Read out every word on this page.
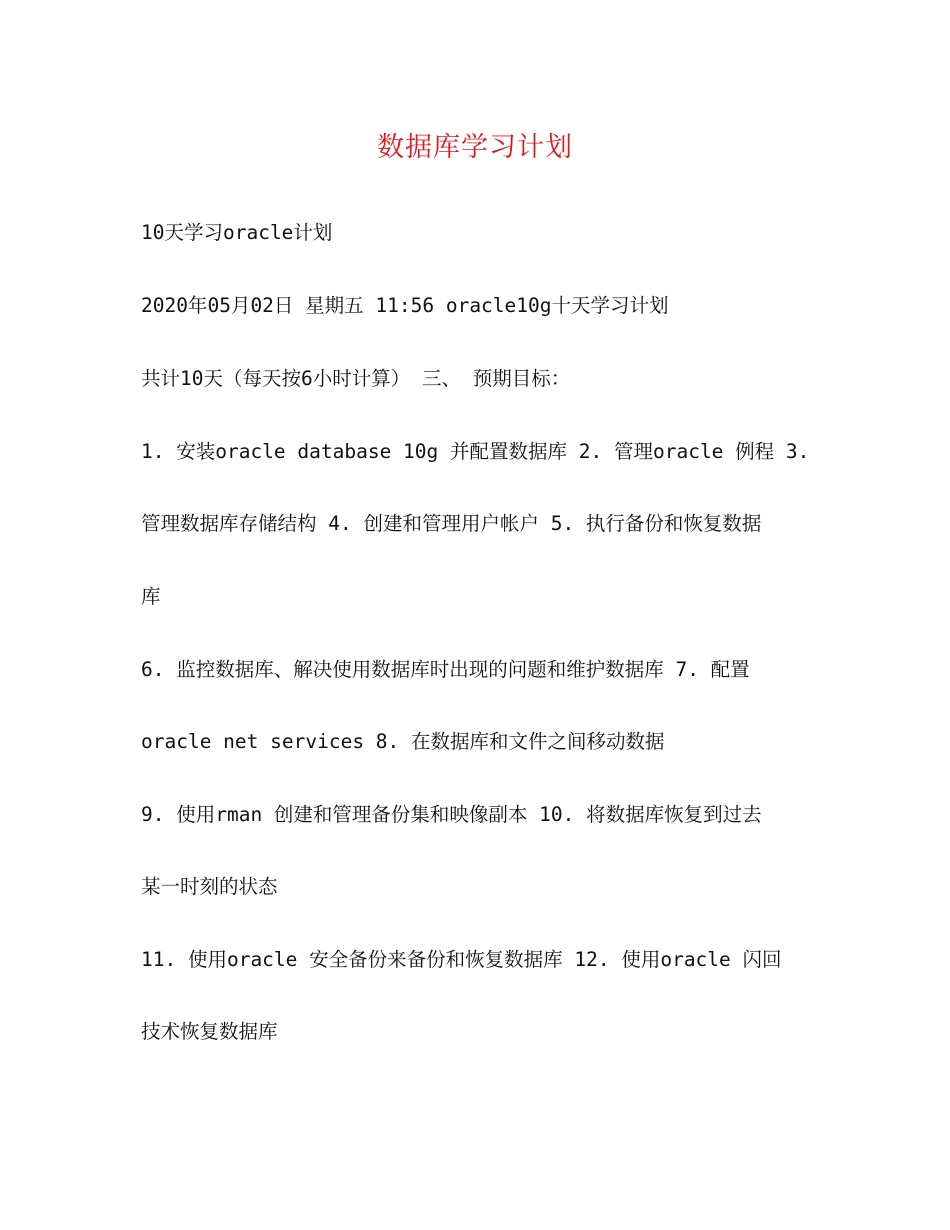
数据库学习计划
10天学习oracle计划
2020年05月02日 星期五 11:56 oracle10g十天学习计划
共计10天（每天按6小时计算） 三、 预期目标：
1. 安装oracle database 10g 并配置数据库 2. 管理oracle 例程 3.
管理数据库存储结构 4. 创建和管理用户帐户 5. 执行备份和恢复数据
库
6. 监控数据库、解决使用数据库时出现的问题和维护数据库 7. 配置
oracle net services 8. 在数据库和文件之间移动数据
9. 使用rman 创建和管理备份集和映像副本 10. 将数据库恢复到过去
某一时刻的状态
11. 使用oracle 安全备份来备份和恢复数据库 12. 使用oracle 闪回
技术恢复数据库
